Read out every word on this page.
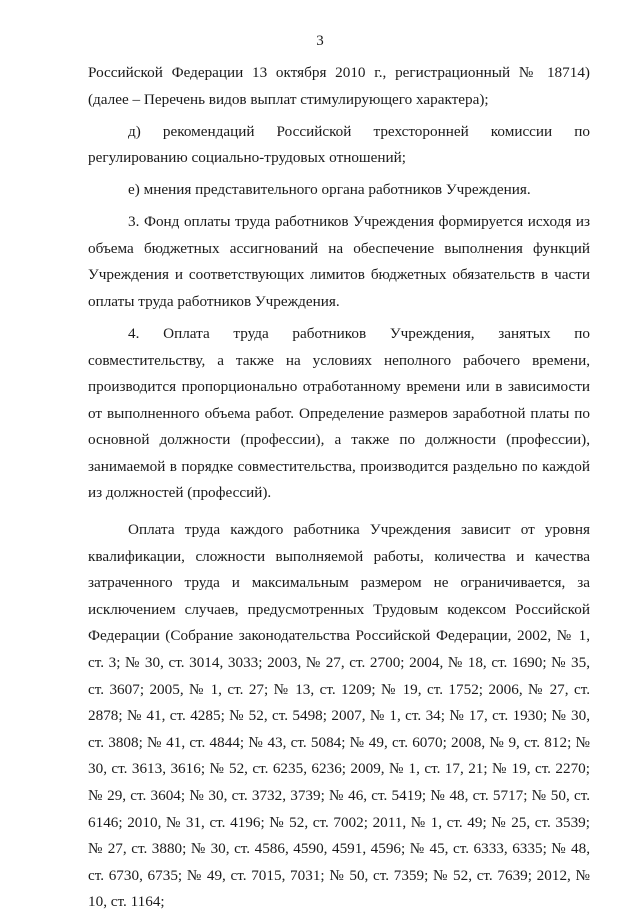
3

Российской Федерации 13 октября 2010 г., регистрационный № 18714) (далее – Перечень видов выплат стимулирующего характера);

д) рекомендаций Российской трехсторонней комиссии по регулированию социально-трудовых отношений;

е) мнения представительного органа работников Учреждения.

3. Фонд оплаты труда работников Учреждения формируется исходя из объема бюджетных ассигнований на обеспечение выполнения функций Учреждения и соответствующих лимитов бюджетных обязательств в части оплаты труда работников Учреждения.

4. Оплата труда работников Учреждения, занятых по совместительству, а также на условиях неполного рабочего времени, производится пропорционально отработанному времени или в зависимости от выполненного объема работ. Определение размеров заработной платы по основной должности (профессии), а также по должности (профессии), занимаемой в порядке совместительства, производится раздельно по каждой из должностей (профессий).

Оплата труда каждого работника Учреждения зависит от уровня квалификации, сложности выполняемой работы, количества и качества затраченного труда и максимальным размером не ограничивается, за исключением случаев, предусмотренных Трудовым кодексом Российской Федерации (Собрание законодательства Российской Федерации, 2002, № 1, ст. 3; № 30, ст. 3014, 3033; 2003, № 27, ст. 2700; 2004, № 18, ст. 1690; № 35, ст. 3607; 2005, № 1, ст. 27; № 13, ст. 1209; № 19, ст. 1752; 2006, № 27, ст. 2878; № 41, ст. 4285; № 52, ст. 5498; 2007, № 1, ст. 34; № 17, ст. 1930; № 30, ст. 3808; № 41, ст. 4844; № 43, ст. 5084; № 49, ст. 6070; 2008, № 9, ст. 812; № 30, ст. 3613, 3616; № 52, ст. 6235, 6236; 2009, № 1, ст. 17, 21; № 19, ст. 2270; № 29, ст. 3604; № 30, ст. 3732, 3739; № 46, ст. 5419; № 48, ст. 5717; № 50, ст. 6146; 2010, № 31, ст. 4196; № 52, ст. 7002; 2011, № 1, ст. 49; № 25, ст. 3539; № 27, ст. 3880; № 30, ст. 4586, 4590, 4591, 4596; № 45, ст. 6333, 6335; № 48, ст. 6730, 6735; № 49, ст. 7015, 7031; № 50, ст. 7359; № 52, ст. 7639; 2012, № 10, ст. 1164;
